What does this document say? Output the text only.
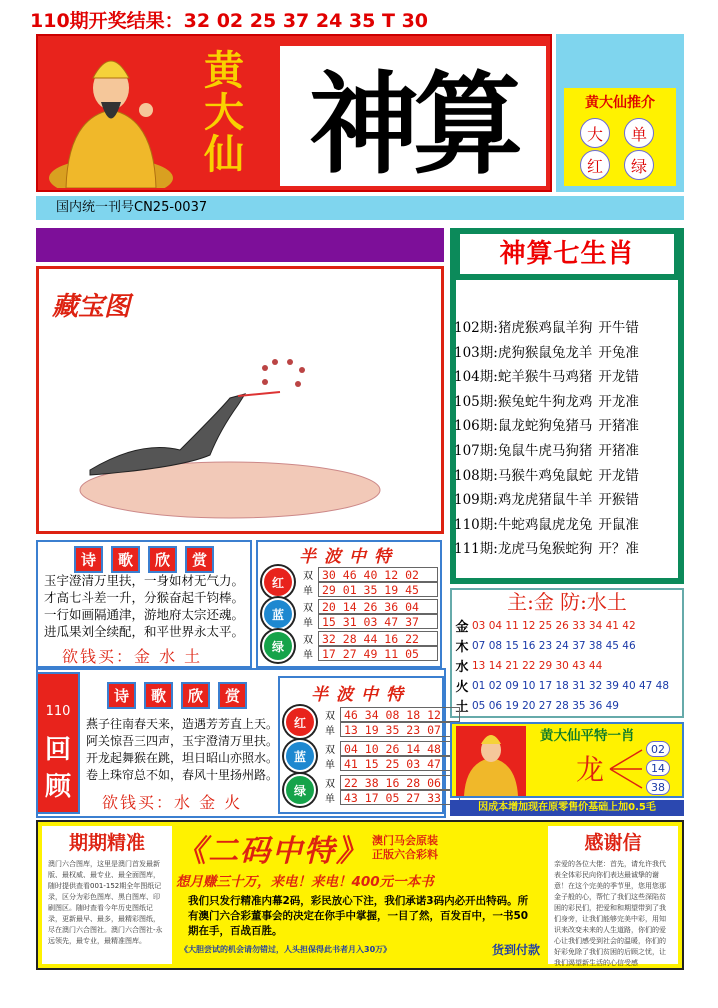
110期开奖结果：32 02 25 37 24 35 T 30
黄
大
仙 神算	黄大仙推介
大	单
红	绿
国内统一刊号CN25-0037
藏宝图
神算七生肖
102期:猪虎猴鸡鼠羊狗 开牛错
103期:虎狗猴鼠兔龙羊 开兔准
104期:蛇羊猴牛马鸡猪 开龙错
105期:猴兔蛇牛狗龙鸡 开龙准
106期:鼠龙蛇狗兔猪马 开猪准
107期:兔鼠牛虎马狗猪 开猪准
108期:马猴牛鸡兔鼠蛇 开龙错
109期:鸡龙虎猪鼠牛羊 开猴错
110期:牛蛇鸡鼠虎龙兔 开鼠准
111期:龙虎马兔猴蛇狗 开？准
诗	歌	欣	赏
玉宇澄清万里扶，一身如材无气力。
才高七斗差一升，分猴奋起千钧棒。
一行如画隔通津，游地府太宗还魂。
进瓜果刘全续配，和平世界永太平。
欲钱买：金 水 土
半波中特
红	双 30 46 40 12 02
单 29 01 35 19 45
蓝	双 20 14 26 36 04
单 15 31 03 47 37
绿	双 32 28 44 16 22
单 17 27 49 11 05
主:金 防:水土
金 03 04 11 12 25 26 33 34 41 42
木 07 08 15 16 23 24 37 38 45 46
水 13 14 21 22 29 30 43 44
火 01 02 09 10 17 18 31 32 39 40 47 48
土 05 06 19 20 27 28 35 36 49
110
回
顾
诗	歌	欣	赏
燕子往南春天来，造遇芳芳直上天。
阿关惊吾三四声，玉宇澄清万里扶。
开龙起舞猴在跳，坦日昭山亦照水。
卷上珠帘总不如，春风十里扬州路。
欲钱买：水 金 火
半波中特
红	双 46 34 08 18 12
单 13 19 35 23 07
蓝	双 04 10 26 14 48
单 41 15 25 03 47
绿	双 22 38 16 28 06
单 43 17 05 27 33
黄大仙平特一肖
龙
02
14
38
因成本增加现在原零售价基础上加0.5毛
期期精准
澳门六合图库，这里是澳门首发最新版、最权威、最专业、最全面图库，随时提供查看001-152期全年图纸记录，区分为彩色图库、黑白图库、印刷图区。随时查看今年历史图纸记录，更新最早、最多，最精彩图纸，尽在澳门六合图社。澳门六合图社-永远领先，最专业，最精准图库。
《二码中特》 澳门马会原装
正版六合彩料
想月赚三十万，来电！来电！400元一本书
我们只发行精准内幕2码，彩民放心下注，我们承诺3码内必开出特码。所有澳门六合彩董事会的决定在你手中掌握，一目了然，百发百中，一书50期在手，百战百胜。
《大胆尝试的机会请勿错过，人头担保得此书者月入30万》	货到付款
感谢信
亲爱的各位大佬：首先，请允许我代表全体彩民向你们表达最诚挚的谢意！在这个完美的季节里，您用您那金子般的心，帮忙了我们这些深陷贫困的彩民们，把爱和和期望带到了我们身旁，让我们能够完美中彩，用知识来改变未来的人生道路，你们的爱心让我们感受到社会的温暖，你们的好彩免除了我们贫困的后顾之忧，让我们渴望新生活的心信受感
